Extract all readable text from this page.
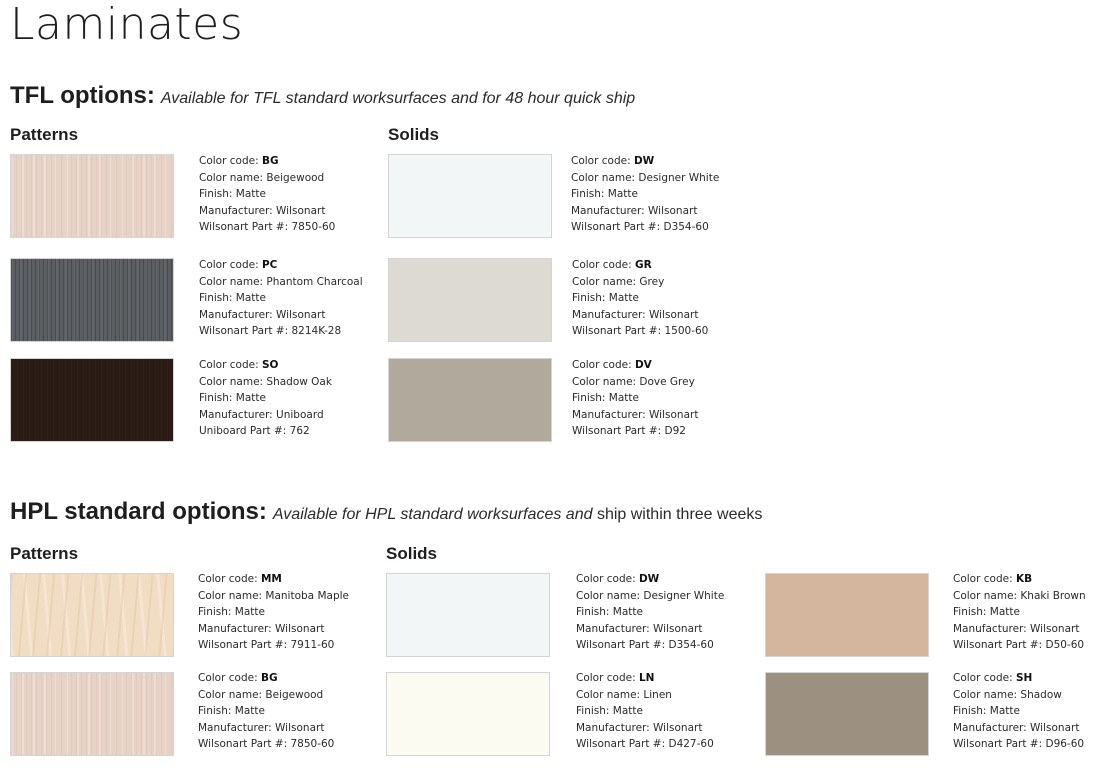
Laminates
TFL options: Available for TFL standard worksurfaces and for 48 hour quick ship
Patterns	Solids
Color code: BG
Color name: Beigewood
Finish: Matte
Manufacturer: Wilsonart
Wilsonart Part #: 7850-60
Color code: PC
Color name: Phantom Charcoal
Finish: Matte
Manufacturer: Wilsonart
Wilsonart Part #: 8214K-28
Color code: SO
Color name: Shadow Oak
Finish: Matte
Manufacturer: Uniboard
Uniboard Part #: 762
Color code: DW
Color name: Designer White
Finish: Matte
Manufacturer: Wilsonart
Wilsonart Part #: D354-60
Color code: GR
Color name: Grey
Finish: Matte
Manufacturer: Wilsonart
Wilsonart Part #: 1500-60
Color code: DV
Color name: Dove Grey
Finish: Matte
Manufacturer: Wilsonart
Wilsonart Part #: D92
HPL standard options: Available for HPL standard worksurfaces and ship within three weeks
Patterns	Solids
Color code: MM
Color name: Manitoba Maple
Finish: Matte
Manufacturer: Wilsonart
Wilsonart Part #: 7911-60
Color code: BG
Color name: Beigewood
Finish: Matte
Manufacturer: Wilsonart
Wilsonart Part #: 7850-60
Color code: DW
Color name: Designer White
Finish: Matte
Manufacturer: Wilsonart
Wilsonart Part #: D354-60
Color code: LN
Color name: Linen
Finish: Matte
Manufacturer: Wilsonart
Wilsonart Part #: D427-60
Color code: KB
Color name: Khaki Brown
Finish: Matte
Manufacturer: Wilsonart
Wilsonart Part #: D50-60
Color code: SH
Color name: Shadow
Finish: Matte
Manufacturer: Wilsonart
Wilsonart Part #: D96-60
